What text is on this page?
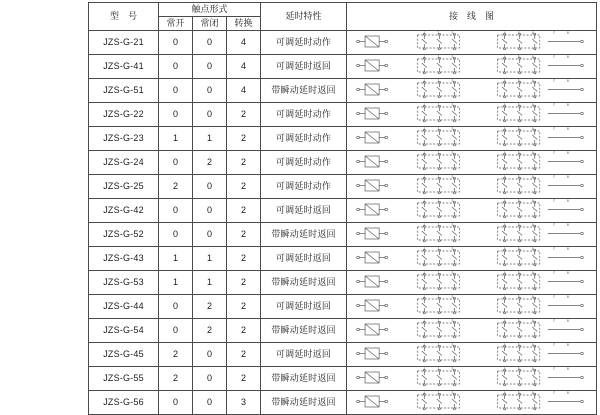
型　号	触点形式			延时特性	接　线　图
	常开	常闭	转换		
JZS-G-21	0	0	4	可调延时动作	
1	2	3	4	5	6	7	8

JZS-G-41	0	0	4	可调延时返回	
1	2	3	4	5	6	7	8

JZS-G-51	0	0	4	带瞬动延时返回	
1	2	3	4	5	6	7	8

JZS-G-22	0	0	2	可调延时动作	
1	2	3	4	5	6	7	8

JZS-G-23	1	1	2	可调延时动作	
1	2	3	4	5	6	7	8

JZS-G-24	0	2	2	可调延时动作	
1	2	3	4	5	6	7	8

JZS-G-25	2	0	2	可调延时动作	
1	2	3	4	5	6	7	8

JZS-G-42	0	0	2	可调延时返回	
1	2	3	4	5	6	7	8

JZS-G-52	0	0	2	带瞬动延时返回	
1	2	3	4	5	6	7	8

JZS-G-43	1	1	2	可调延时返回	
1	2	3	4	5	6	7	8

JZS-G-53	1	1	2	带瞬动延时返回	
1	2	3	4	5	6	7	8

JZS-G-44	0	2	2	可调延时返回	
1	2	3	4	5	6	7	8

JZS-G-54	0	2	2	带瞬动延时返回	
1	2	3	4	5	6	7	8

JZS-G-45	2	0	2	可调延时返回	
1	2	3	4	5	6	7	8

JZS-G-55	2	0	2	带瞬动延时返回	
1	2	3	4	5	6	7	8

JZS-G-56	0	0	3	带瞬动延时返回	
1	2	3	4	5	6	7	8
